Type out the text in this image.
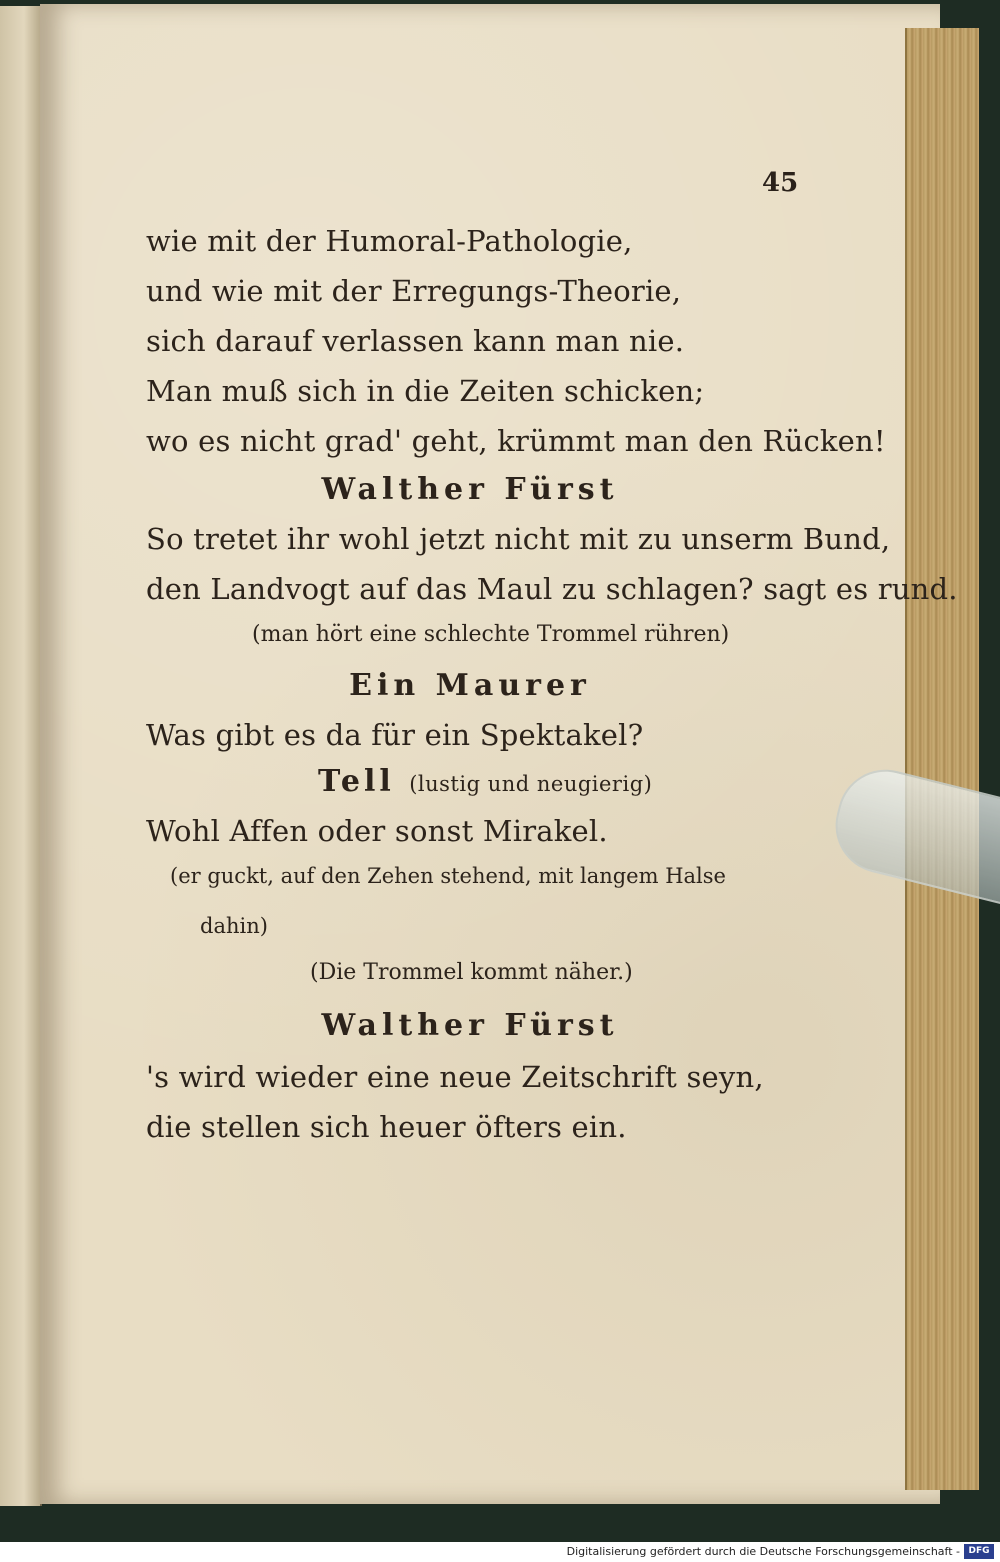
45
wie mit der Humoral-Pathologie,
und wie mit der Erregungs-Theorie,
sich darauf verlassen kann man nie.
Man muß sich in die Zeiten schicken;
wo es nicht grad' geht, krümmt man den Rücken!
Walther Fürst
So tretet ihr wohl jetzt nicht mit zu unserm Bund,
den Landvogt auf das Maul zu schlagen? sagt es rund.
(man hört eine schlechte Trommel rühren)
Ein Maurer
Was gibt es da für ein Spektakel?
Tell (lustig und neugierig)
Wohl Affen oder sonst Mirakel.
(er guckt, auf den Zehen stehend, mit langem Halse
dahin)
(Die Trommel kommt näher.)
Walther Fürst
's wird wieder eine neue Zeitschrift seyn,
die stellen sich heuer öfters ein.
Digitalisierung gefördert durch die Deutsche Forschungsgemeinschaft - DFG
